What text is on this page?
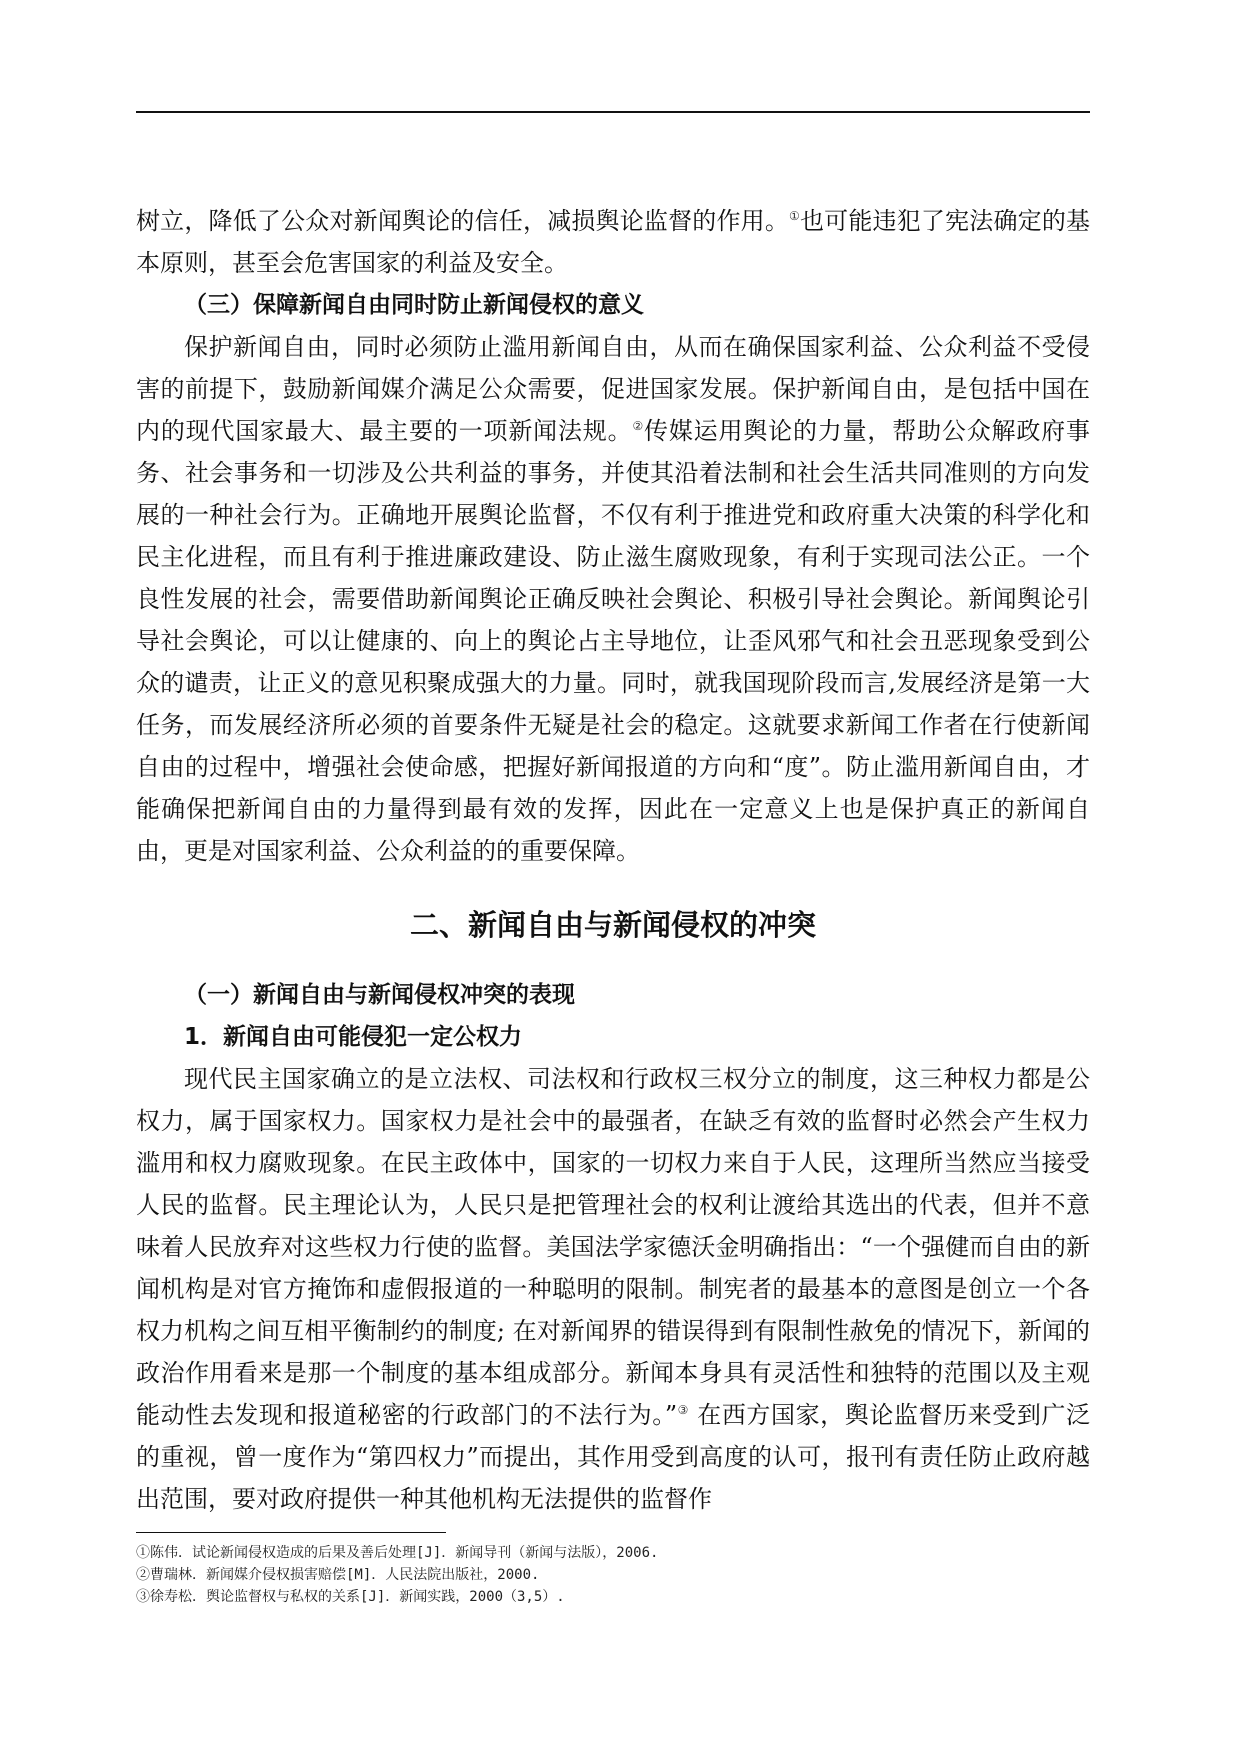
树立，降低了公众对新闻舆论的信任，减损舆论监督的作用。①也可能违犯了宪法确定的基本原则，甚至会危害国家的利益及安全。

（三）保障新闻自由同时防止新闻侵权的意义

保护新闻自由，同时必须防止滥用新闻自由，从而在确保国家利益、公众利益不受侵害的前提下，鼓励新闻媒介满足公众需要，促进国家发展。保护新闻自由，是包括中国在内的现代国家最大、最主要的一项新闻法规。②传媒运用舆论的力量，帮助公众解政府事务、社会事务和一切涉及公共利益的事务，并使其沿着法制和社会生活共同准则的方向发展的一种社会行为。正确地开展舆论监督，不仅有利于推进党和政府重大决策的科学化和民主化进程，而且有利于推进廉政建设、防止滋生腐败现象，有利于实现司法公正。一个良性发展的社会，需要借助新闻舆论正确反映社会舆论、积极引导社会舆论。新闻舆论引导社会舆论，可以让健康的、向上的舆论占主导地位，让歪风邪气和社会丑恶现象受到公众的谴责，让正义的意见积聚成强大的力量。同时，就我国现阶段而言,发展经济是第一大任务，而发展经济所必须的首要条件无疑是社会的稳定。这就要求新闻工作者在行使新闻自由的过程中，增强社会使命感，把握好新闻报道的方向和“度”。防止滥用新闻自由，才能确保把新闻自由的力量得到最有效的发挥，因此在一定意义上也是保护真正的新闻自由，更是对国家利益、公众利益的的重要保障。

二、新闻自由与新闻侵权的冲突
（一）新闻自由与新闻侵权冲突的表现
1．新闻自由可能侵犯一定公权力

现代民主国家确立的是立法权、司法权和行政权三权分立的制度，这三种权力都是公权力，属于国家权力。国家权力是社会中的最强者，在缺乏有效的监督时必然会产生权力滥用和权力腐败现象。在民主政体中，国家的一切权力来自于人民，这理所当然应当接受人民的监督。民主理论认为，人民只是把管理社会的权利让渡给其选出的代表，但并不意味着人民放弃对这些权力行使的监督。美国法学家德沃金明确指出：“一个强健而自由的新闻机构是对官方掩饰和虚假报道的一种聪明的限制。制宪者的最基本的意图是创立一个各权力机构之间互相平衡制约的制度; 在对新闻界的错误得到有限制性赦免的情况下，新闻的政治作用看来是那一个制度的基本组成部分。新闻本身具有灵活性和独特的范围以及主观能动性去发现和报道秘密的行政部门的不法行为。”③ 在西方国家，舆论监督历来受到广泛的重视，曾一度作为“第四权力”而提出，其作用受到高度的认可，报刊有责任防止政府越出范围，要对政府提供一种其他机构无法提供的监督作

①陈伟．试论新闻侵权造成的后果及善后处理[J]．新闻导刊（新闻与法版），2006.

②曹瑞林．新闻媒介侵权损害赔偿[M]．人民法院出版社，2000.

③徐寿松．舆论监督权与私权的关系[J]．新闻实践，2000（3,5）.
